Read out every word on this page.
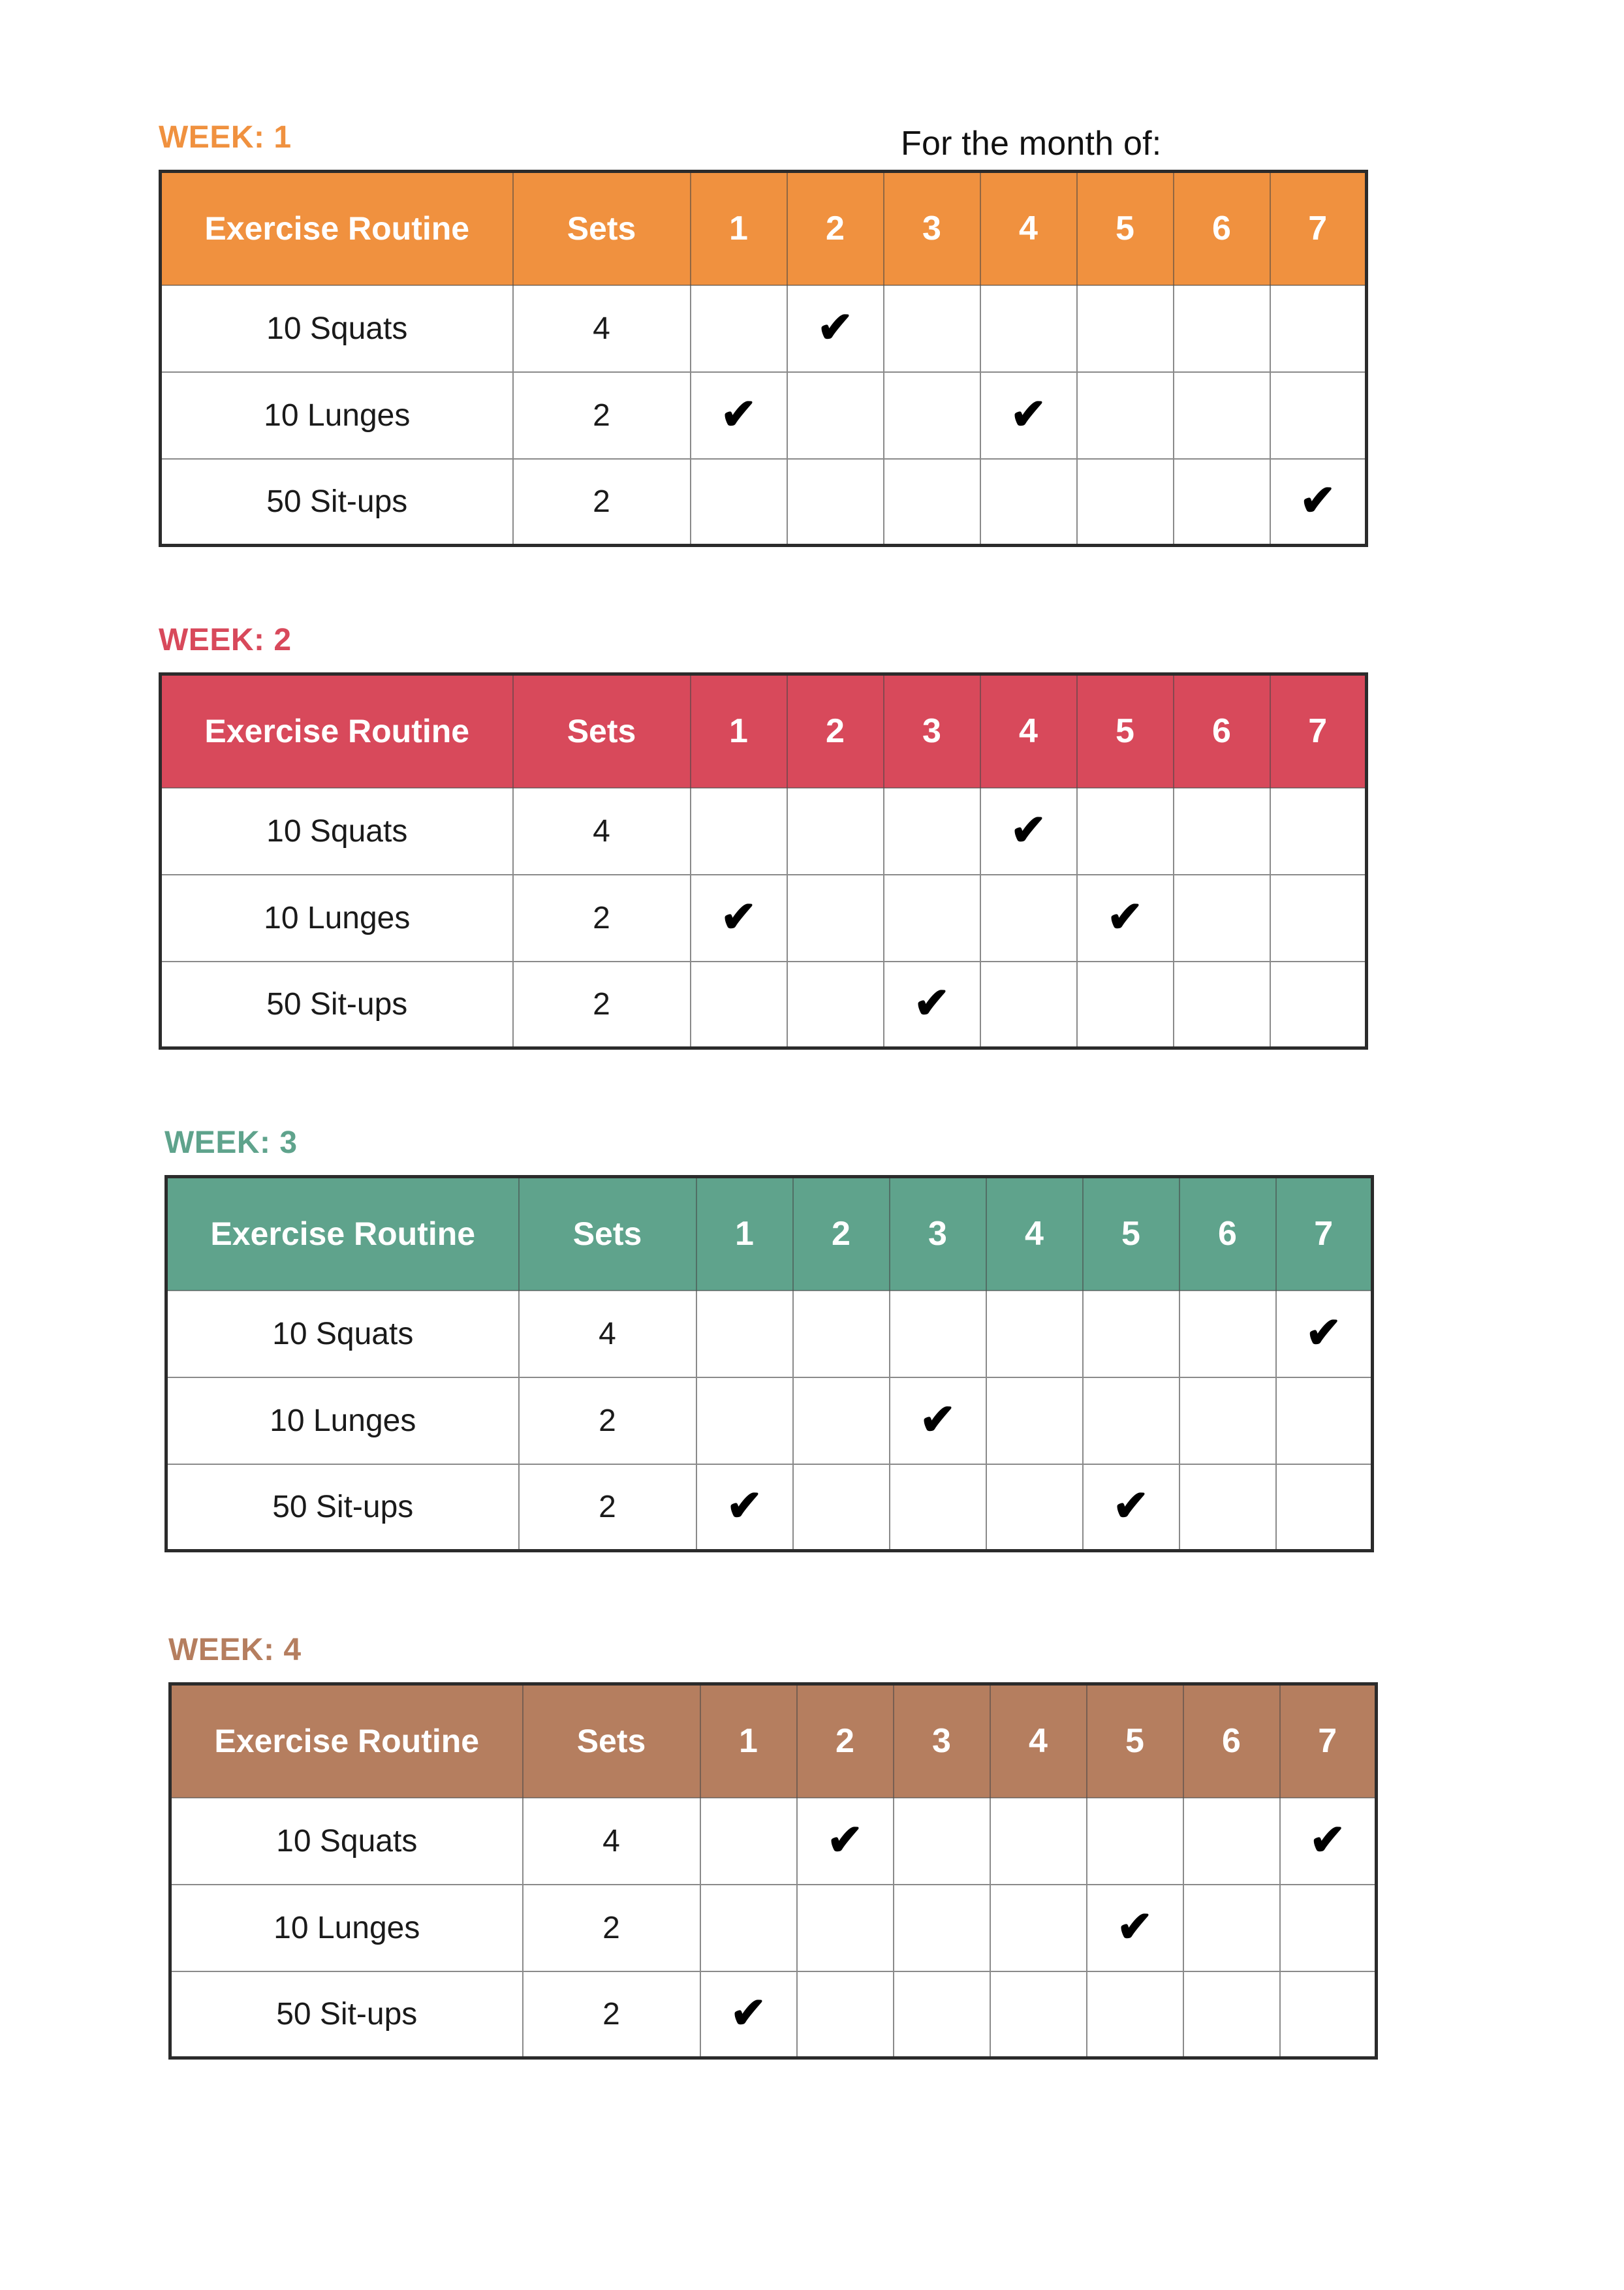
For the month of:
WEEK: 1
Exercise Routine	Sets	1	2	3	4	5	6	7
10 Squats	4		✔					
10 Lunges	2	✔			✔			
50 Sit-ups	2							✔
WEEK: 2
Exercise Routine	Sets	1	2	3	4	5	6	7
10 Squats	4				✔			
10 Lunges	2	✔				✔		
50 Sit-ups	2			✔				
WEEK: 3
Exercise Routine	Sets	1	2	3	4	5	6	7
10 Squats	4							✔
10 Lunges	2			✔				
50 Sit-ups	2	✔				✔		
WEEK: 4
Exercise Routine	Sets	1	2	3	4	5	6	7
10 Squats	4		✔					✔
10 Lunges	2					✔		
50 Sit-ups	2	✔						
